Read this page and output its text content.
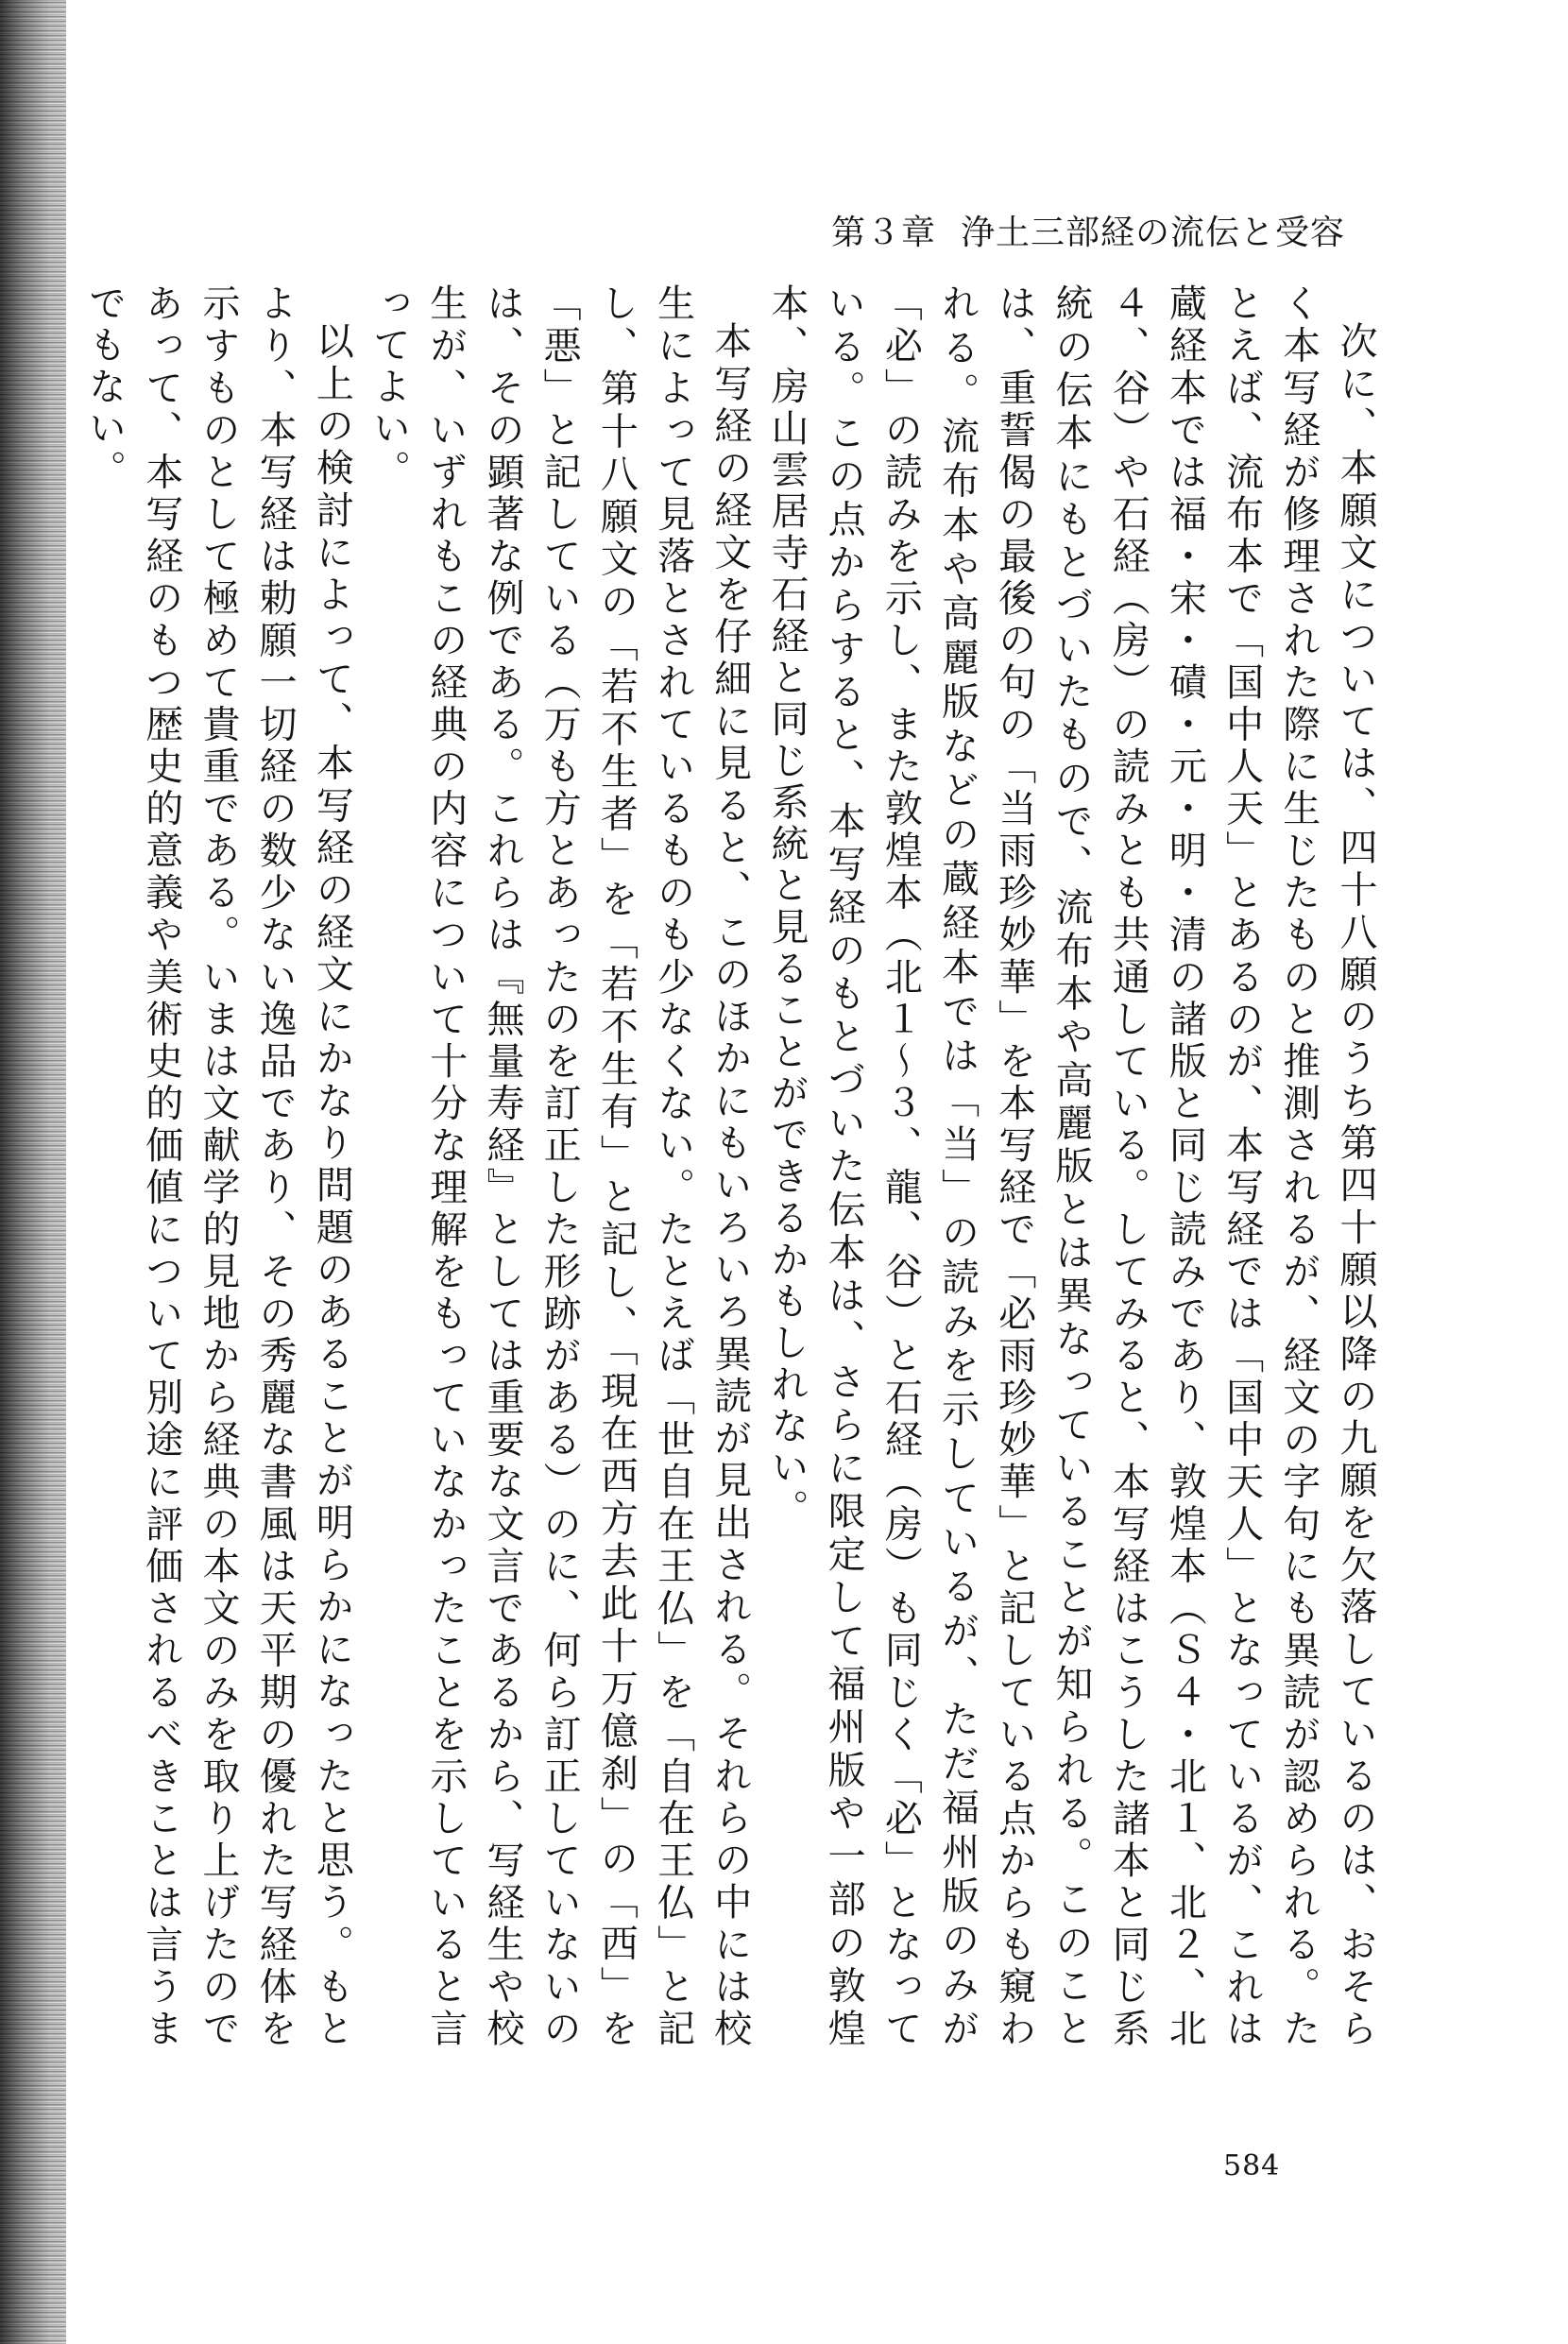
第３章 浄土三部経の流伝と受容

次に、本願文については、四十八願のうち第四十願以降の九願を欠落しているのは、おそらく本写経が修理された際に生じたものと推測されるが、経文の字句にも異読が認められる。たとえば、流布本で「国中人天」とあるのが、本写経では「国中天人」となっているが、これは蔵経本では福・宋・磧・元・明・清の諸版と同じ読みであり、敦煌本（Ｓ４・北１、北２、北４、谷）や石経（房）の読みとも共通している。してみると、本写経はこうした諸本と同じ系統の伝本にもとづいたもので、流布本や高麗版とは異なっていることが知られる。このことは、重誓偈の最後の句の「当雨珍妙華」を本写経で「必雨珍妙華」と記している点からも窺われる。流布本や高麗版などの蔵経本では「当」の読みを示しているが、ただ福州版のみが「必」の読みを示し、また敦煌本（北１〜３、龍、谷）と石経（房）も同じく「必」となっている。この点からすると、本写経のもとづいた伝本は、さらに限定して福州版や一部の敦煌本、房山雲居寺石経と同じ系統と見ることができるかもしれない。

本写経の経文を仔細に見ると、このほかにもいろいろ異読が見出される。それらの中には校生によって見落とされているものも少なくない。たとえば「世自在王仏」を「自在王仏」と記し、第十八願文の「若不生者」を「若不生有」と記し、「現在西方去此十万億刹」の「西」を「悪」と記している（万も方とあったのを訂正した形跡がある）のに、何ら訂正していないのは、その顕著な例である。これらは『無量寿経』としては重要な文言であるから、写経生や校生が、いずれもこの経典の内容について十分な理解をもっていなかったことを示していると言ってよい。

以上の検討によって、本写経の経文にかなり問題のあることが明らかになったと思う。もとより、本写経は勅願一切経の数少ない逸品であり、その秀麗な書風は天平期の優れた写経体を示すものとして極めて貴重である。いまは文献学的見地から経典の本文のみを取り上げたのであって、本写経のもつ歴史的意義や美術史的価値について別途に評価されるべきことは言うまでもない。

584
